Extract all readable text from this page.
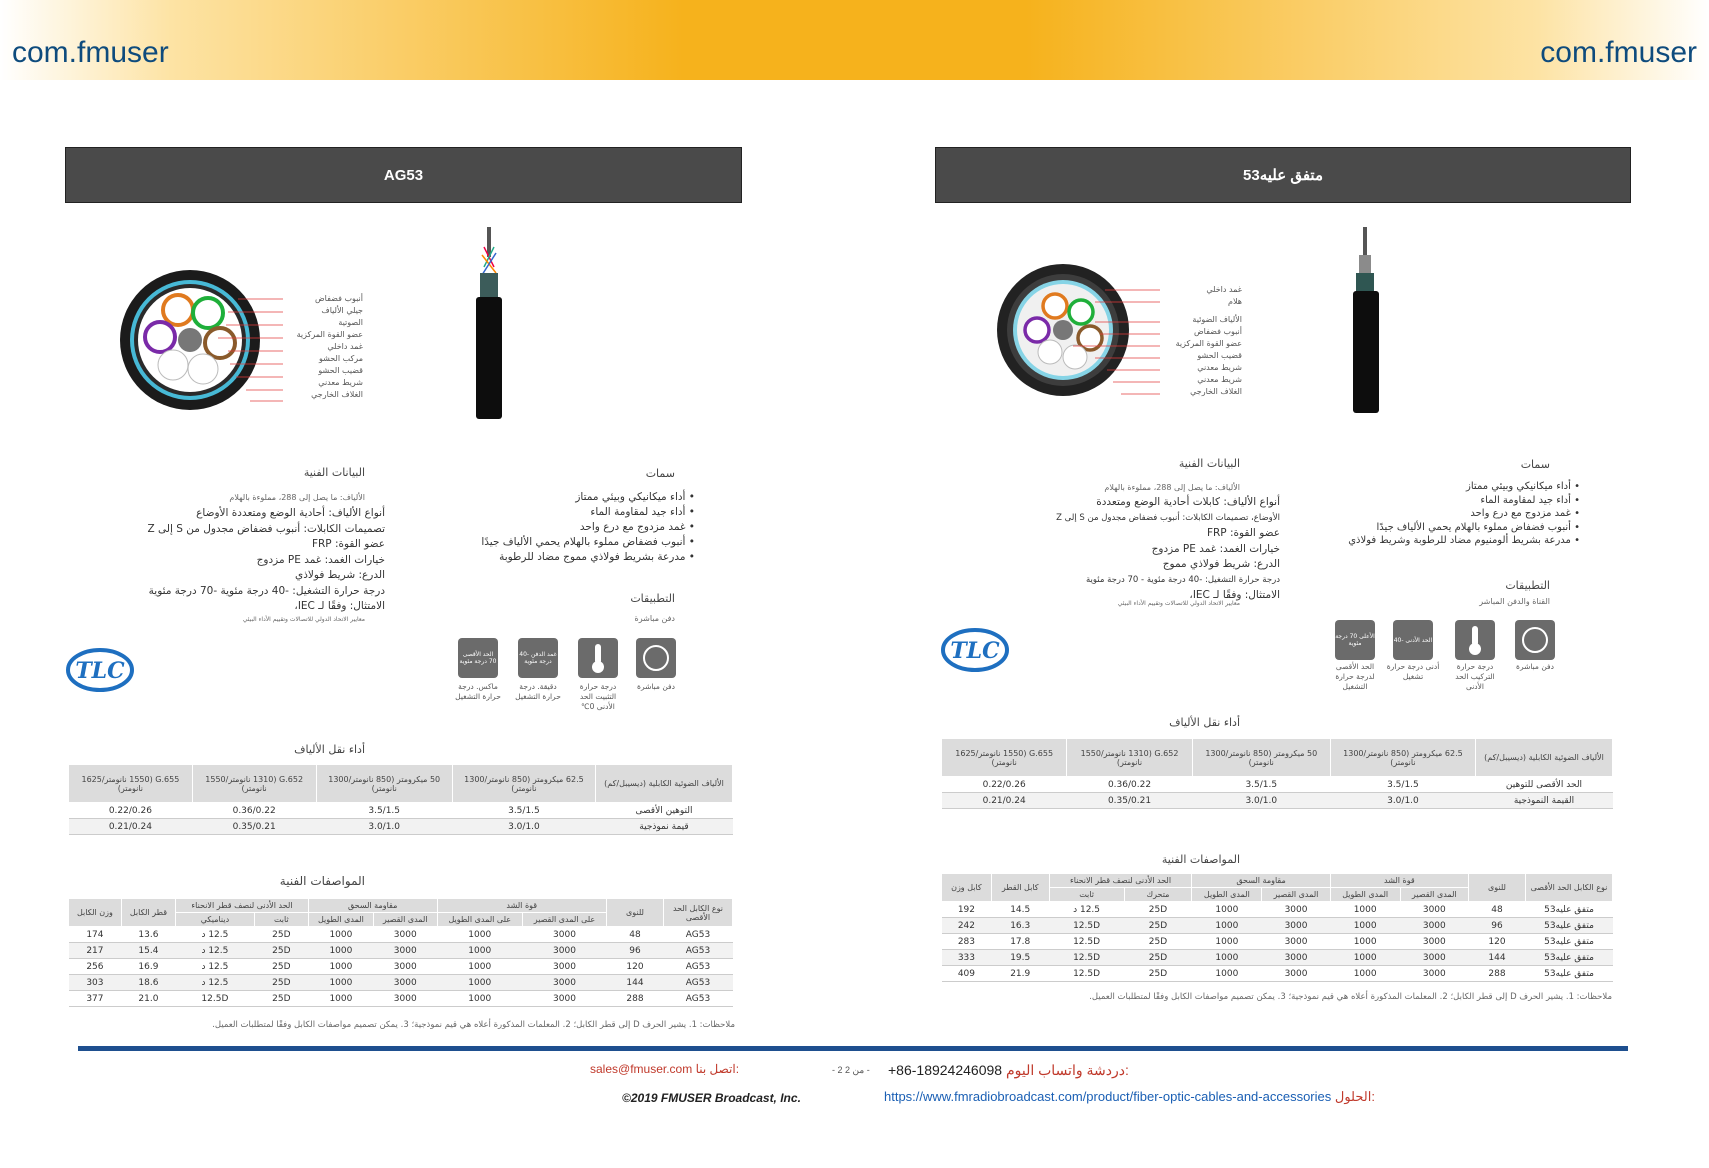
com.fmuser	com.fmuser
AG53
أنبوب فضفاض
جيلي الألياف
الصوتية
عضو القوة المركزية
غمد داخلي
مركب الحشو
قضيب الحشو
شريط معدني
الغلاف الخارجي
البيانات الفنية
الألياف: ما يصل إلى 288، مملوءة بالهلام
أنواع الألياف: أحادية الوضع ومتعددة الأوضاع
تصميمات الكابلات: أنبوب فضفاض مجدول من S إلى Z
عضو القوة: FRP
خيارات الغمد: غمد PE مزدوج
الدرع: شريط فولاذي
درجة حرارة التشغيل: -40 درجة مئوية -70 درجة مئوية
الامتثال: وفقًا لـ IEC،
معايير الاتحاد الدولي للاتصالات وتقييم الأداء البيئي
سمات
• أداء ميكانيكي وبيئي ممتاز
• أداء جيد لمقاومة الماء
• غمد مزدوج مع درع واحد
• أنبوب فضفاض مملوء بالهلام يحمي الألياف جيدًا
• مدرعة بشريط فولاذي مموج مضاد للرطوبة
التطبيقات
دفن مباشرة
الحد الأقصى 70 درجة مئوية
ماكس. درجة حرارة التشغيل
غمد الدفن -40 درجة مئوية
دقيقة. درجة حرارة التشغيل
درجة حرارة التثبيت الحد الأدنى 0℃
دفن مباشرة
TLC
أداء نقل الألياف
الألياف الضوئية الكابلية (ديسيبل/كم)	62.5 ميكرومتر (850 نانومتر/1300 نانومتر)	50 ميكرومتر (850 نانومتر/1300 نانومتر)	G.652 (1310 نانومتر/1550 نانومتر)	G.655 (1550 نانومتر/1625 نانومتر)
التوهين الأقصى	3.5/1.5	3.5/1.5	0.36/0.22	0.22/0.26
قيمة نموذجية	3.0/1.0	3.0/1.0	0.35/0.21	0.21/0.24
المواصفات الفنية
نوع الكابل الحد الأقصى	للنوى	قوة الشد		مقاومة السحق		الحد الأدنى لنصف قطر الانحناء		قطر الكابل	وزن الكابل
		على المدى القصير	على المدى الطويل	المدى القصير	المدى الطويل	ثابت	ديناميكي		
AG53	48	3000	1000	3000	1000	25D	12.5 د	13.6	174
AG53	96	3000	1000	3000	1000	25D	12.5 د	15.4	217
AG53	120	3000	1000	3000	1000	25D	12.5 د	16.9	256
AG53	144	3000	1000	3000	1000	25D	12.5 د	18.6	303
AG53	288	3000	1000	3000	1000	25D	12.5D	21.0	377
ملاحظات: 1. يشير الحرف D إلى قطر الكابل؛ 2. المعلمات المذكورة أعلاه هي قيم نموذجية؛ 3. يمكن تصميم مواصفات الكابل وفقًا لمتطلبات العميل.
متفق عليه53
غمد داخلي
هلام
الألياف الضوئية
أنبوب فضفاض
عضو القوة المركزية
قضيب الحشو
شريط معدني
شريط معدني
الغلاف الخارجي
البيانات الفنية
الألياف: ما يصل إلى 288، مملوءة بالهلام
أنواع الألياف: كابلات أحادية الوضع ومتعددة
الأوضاع، تصميمات الكابلات: أنبوب فضفاض مجدول من S إلى Z
عضو القوة: FRP
خيارات الغمد: غمد PE مزدوج
الدرع: شريط فولاذي مموج
درجة حرارة التشغيل: -40 درجة مئوية - 70 درجة مئوية
الامتثال: وفقًا لـ IEC،
معايير الاتحاد الدولي للاتصالات وتقييم الأداء البيئي
سمات
• أداء ميكانيكي وبيئي ممتاز
• أداء جيد لمقاومة الماء
• غمد مزدوج مع درع واحد
• أنبوب فضفاض مملوء بالهلام يحمي الألياف جيدًا
• مدرعة بشريط ألومنيوم مضاد للرطوبة وشريط فولاذي
التطبيقات
القناة والدفن المباشر
الأعلى 70 درجة مئوية
الحد الأقصى لدرجة حرارة التشغيل
الحد الأدنى -40
أدنى درجة حرارة تشغيل
درجة حرارة التركيب الحد الأدنى
دفن مباشرة
TLC
أداء نقل الألياف
الألياف الضوئية الكابلية (ديسيبل/كم)	62.5 ميكرومتر (850 نانومتر/1300 نانومتر)	50 ميكرومتر (850 نانومتر/1300 نانومتر)	G.652 (1310 نانومتر/1550 نانومتر)	G.655 (1550 نانومتر/1625 نانومتر)
الحد الأقصى للتوهين	3.5/1.5	3.5/1.5	0.36/0.22	0.22/0.26
القيمة النموذجية	3.0/1.0	3.0/1.0	0.35/0.21	0.21/0.24
المواصفات الفنية
نوع الكابل الحد الأقصى	للنوى	قوة الشد		مقاومة السحق		الحد الأدنى لنصف قطر الانحناء		كابل القطر	كابل وزن
		المدى القصير	المدى الطويل	المدى القصير	المدى الطويل	متحرك	ثابت		
متفق عليه53	48	3000	1000	3000	1000	25D	12.5 د	14.5	192
متفق عليه53	96	3000	1000	3000	1000	25D	12.5D	16.3	242
متفق عليه53	120	3000	1000	3000	1000	25D	12.5D	17.8	283
متفق عليه53	144	3000	1000	3000	1000	25D	12.5D	19.5	333
متفق عليه53	288	3000	1000	3000	1000	25D	12.5D	21.9	409
ملاحظات: 1. يشير الحرف D إلى قطر الكابل؛ 2. المعلمات المذكورة أعلاه هي قيم نموذجية؛ 3. يمكن تصميم مواصفات الكابل وفقًا لمتطلبات العميل.
sales@fmuser.com اتصل بنا:	- 2 من 2 - +86-18924246098 دردشة واتساب اليوم:
©2019 FMUSER Broadcast, Inc.	https://www.fmradiobroadcast.com/product/fiber-optic-cables-and-accessories الحلول:
